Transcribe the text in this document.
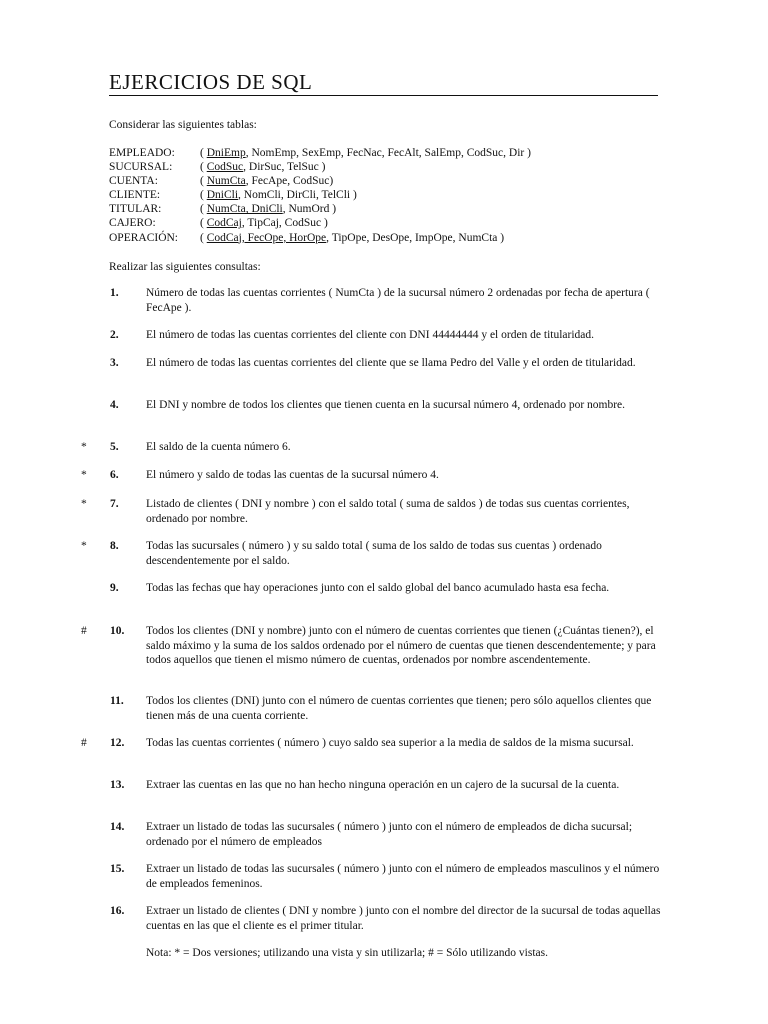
EJERCICIOS DE SQL
Considerar las siguientes tablas:
EMPLEADO: ( DniEmp, NomEmp, SexEmp, FecNac, FecAlt, SalEmp, CodSuc, Dir )
SUCURSAL: ( CodSuc, DirSuc, TelSuc )
CUENTA:	( NumCta, FecApe, CodSuc)
CLIENTE:	( DniCli, NomCli, DirCli, TelCli )
TITULAR:	( NumCta, DniCli, NumOrd )
CAJERO:	( CodCaj, TipCaj, CodSuc )
OPERACIÓN: ( CodCaj, FecOpe, HorOpe, TipOpe, DesOpe, ImpOpe, NumCta )
Realizar las siguientes consultas:
1. Número de todas las cuentas corrientes ( NumCta ) de la sucursal número 2 ordenadas por fecha de apertura ( FecApe ).
2. El número de todas las cuentas corrientes del cliente con DNI 44444444 y el orden de titularidad.
3. El número de todas las cuentas corrientes del cliente que se llama Pedro del Valle y el orden de titularidad.
4. El DNI y nombre de todos los clientes que tienen cuenta en la sucursal número 4, ordenado por nombre.
* 5. El saldo de la cuenta número 6.
* 6. El número y saldo de todas las cuentas de la sucursal número 4.
* 7. Listado de clientes ( DNI y nombre ) con el saldo total ( suma de saldos ) de todas sus cuentas corrientes, ordenado por nombre.
* 8. Todas las sucursales ( número ) y su saldo total ( suma de los saldo de todas sus cuentas ) ordenado descendentemente por el saldo.
9. Todas las fechas que hay operaciones junto con el saldo global del banco acumulado hasta esa fecha.
# 10. Todos los clientes (DNI y nombre) junto con el número de cuentas corrientes que tienen (¿Cuántas tienen?), el saldo máximo y la suma de los saldos ordenado por el número de cuentas que tienen descendentemente; y para todos aquellos que tienen el mismo número de cuentas, ordenados por nombre ascendentemente.
11. Todos los clientes (DNI) junto con el número de cuentas corrientes que tienen; pero sólo aquellos clientes que tienen más de una cuenta corriente.
# 12. Todas las cuentas corrientes ( número ) cuyo saldo sea superior a la media de saldos de la misma sucursal.
13. Extraer las cuentas en las que no han hecho ninguna operación en un cajero de la sucursal de la cuenta.
14. Extraer un listado de todas las sucursales ( número ) junto con el número de empleados de dicha sucursal; ordenado por el número de empleados
15. Extraer un listado de todas las sucursales ( número ) junto con el número de empleados masculinos y el número de empleados femeninos.
16. Extraer un listado de clientes ( DNI y nombre ) junto con el nombre del director de la sucursal de todas aquellas cuentas en las que el cliente es el primer titular.
Nota: * = Dos versiones; utilizando una vista y sin utilizarla; # = Sólo utilizando vistas.
